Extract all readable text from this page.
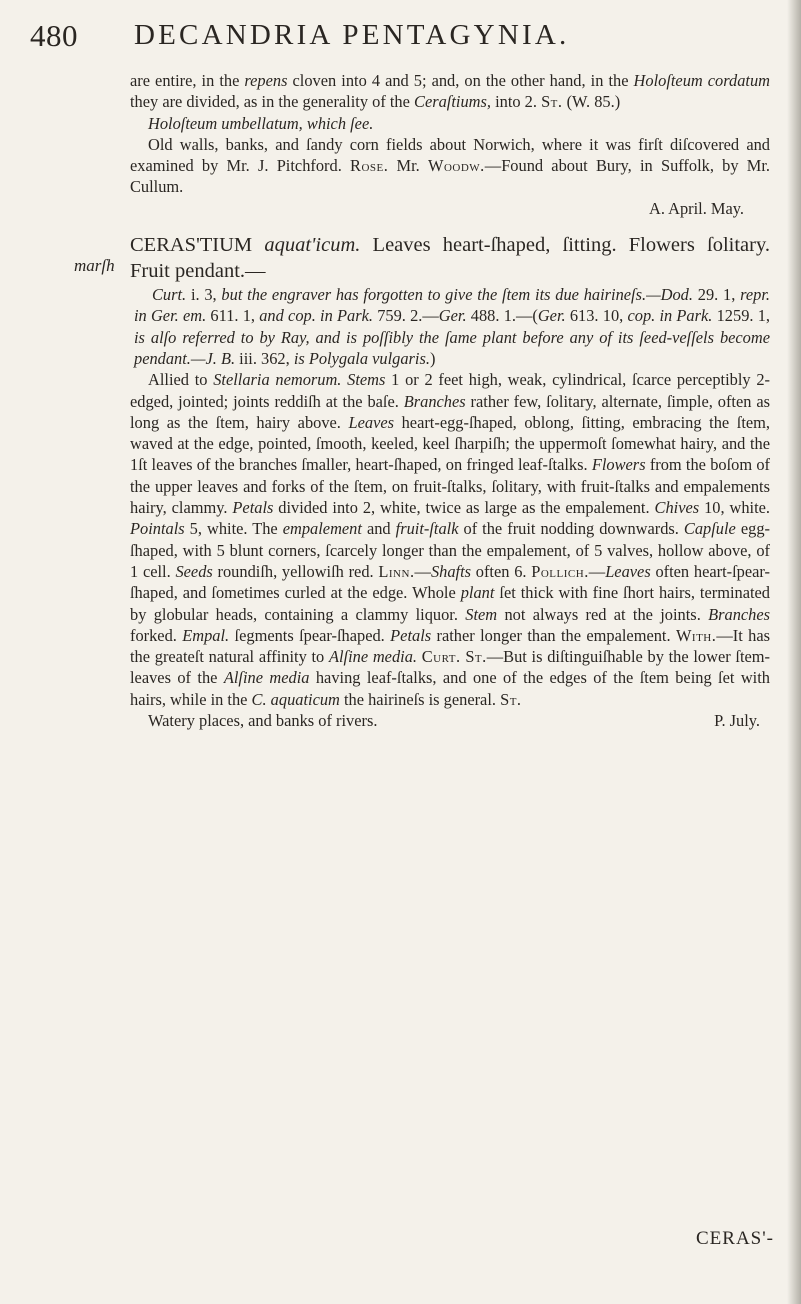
480 DECANDRIA PENTAGYNIA.
marſh

are entire, in the repens cloven into 4 and 5; and, on the other hand, in the Holoſteum cordatum they are divided, as in the generality of the Ceraſtiums, into 2. St. (W. 85.)

Holoſteum umbellatum, which ſee.

Old walls, banks, and ſandy corn fields about Norwich, where it was firſt diſcovered and examined by Mr. J. Pitchford. Rose. Mr. Woodw.—Found about Bury, in Suffolk, by Mr. Cullum.

A. April. May.

CERAS'TIUM aquat'icum. Leaves heart-ſhaped, ſitting. Flowers ſolitary. Fruit pendant.—

Curt. i. 3, but the engraver has forgotten to give the ſtem its due hairineſs.—Dod. 29. 1, repr. in Ger. em. 611. 1, and cop. in Park. 759. 2.—Ger. 488. 1.—(Ger. 613. 10, cop. in Park. 1259. 1, is alſo referred to by Ray, and is poſſibly the ſame plant before any of its ſeed-veſſels become pendant.—J. B. iii. 362, is Polygala vulgaris.)

Allied to Stellaria nemorum. Stems 1 or 2 feet high, weak, cylindrical, ſcarce perceptibly 2-edged, jointed; joints reddiſh at the baſe. Branches rather few, ſolitary, alternate, ſimple, often as long as the ſtem, hairy above. Leaves heart-egg-ſhaped, oblong, ſitting, embracing the ſtem, waved at the edge, pointed, ſmooth, keeled, keel ſharpiſh; the uppermoſt ſomewhat hairy, and the 1ſt leaves of the branches ſmaller, heart-ſhaped, on fringed leaf-ſtalks. Flowers from the boſom of the upper leaves and forks of the ſtem, on fruit-ſtalks, ſolitary, with fruit-ſtalks and empalements hairy, clammy. Petals divided into 2, white, twice as large as the empalement. Chives 10, white. Pointals 5, white. The empalement and fruit-ſtalk of the fruit nodding downwards. Capſule egg-ſhaped, with 5 blunt corners, ſcarcely longer than the empalement, of 5 valves, hollow above, of 1 cell. Seeds roundiſh, yellowiſh red. Linn.—Shafts often 6. Pollich.—Leaves often heart-ſpear-ſhaped, and ſometimes curled at the edge. Whole plant ſet thick with fine ſhort hairs, terminated by globular heads, containing a clammy liquor. Stem not always red at the joints. Branches forked. Empal. ſegments ſpear-ſhaped. Petals rather longer than the empalement. With.—It has the greateſt natural affinity to Alſine media. Curt. St.—But is diſtinguiſhable by the lower ſtem-leaves of the Alſine media having leaf-ſtalks, and one of the edges of the ſtem being ſet with hairs, while in the C. aquaticum the hairineſs is general. St.

Watery places, and banks of rivers.	P. July.

CERAS'-
